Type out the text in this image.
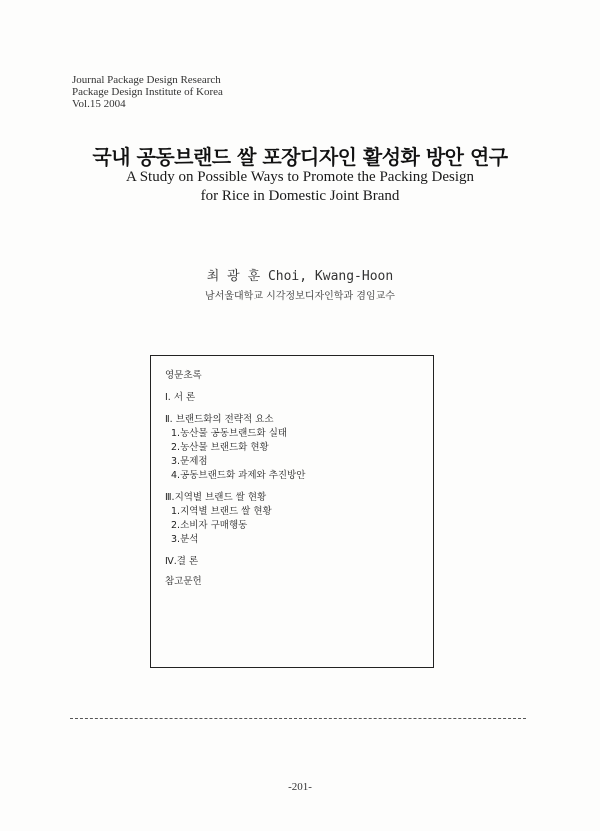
Journal Package Design Research
Package Design Institute of Korea
Vol.15 2004
국내 공동브랜드 쌀 포장디자인 활성화 방안 연구
A Study on Possible Ways to Promote the Packing Design
for Rice in Domestic Joint Brand
최 광 훈 Choi, Kwang-Hoon
남서울대학교 시각정보디자인학과 겸임교수
영문초록
Ⅰ. 서 론
Ⅱ. 브랜드화의 전략적 요소
1.농산물 공동브랜드화 실태
2.농산물 브랜드화 현황
3.문제점
4.공동브랜드화 과제와 추진방안
Ⅲ.지역별 브랜드 쌀 현황
1.지역별 브랜드 쌀 현황
2.소비자 구매행동
3.분석
Ⅳ.결 론
참고문헌
-201-
